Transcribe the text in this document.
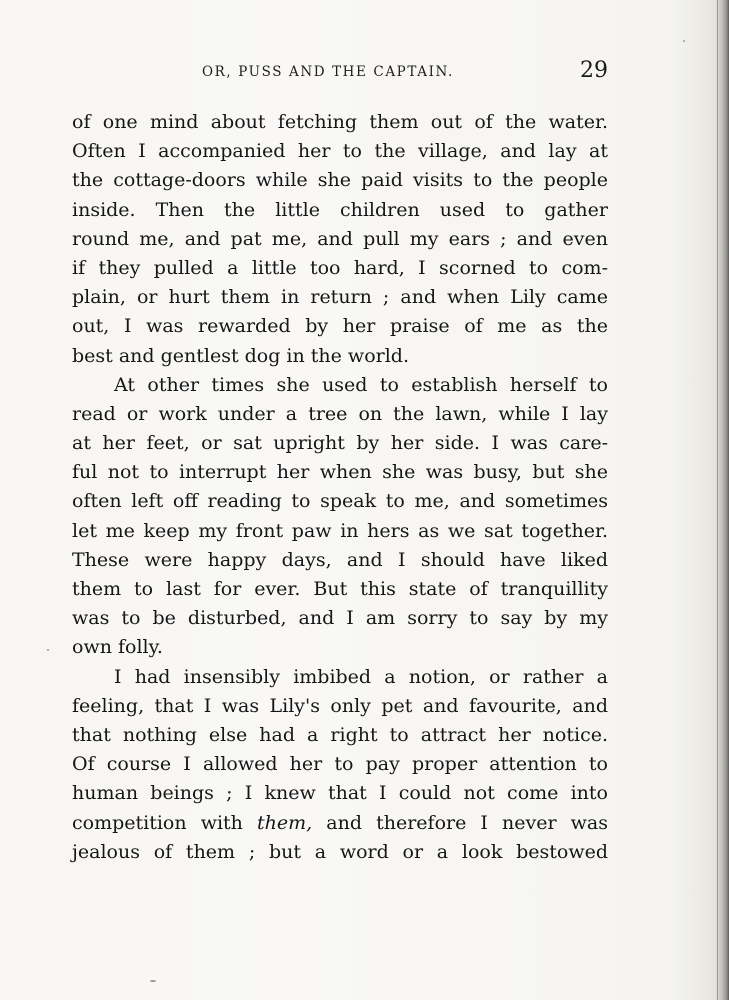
OR, PUSS AND THE CAPTAIN.	29
of one mind about fetching them out of the water.
Often I accompanied her to the village, and lay at
the cottage-doors while she paid visits to the people
inside. Then the little children used to gather
round me, and pat me, and pull my ears ; and even
if they pulled a little too hard, I scorned to com-
plain, or hurt them in return ; and when Lily came
out, I was rewarded by her praise of me as the
best and gentlest dog in the world.
At other times she used to establish herself to
read or work under a tree on the lawn, while I lay
at her feet, or sat upright by her side. I was care-
ful not to interrupt her when she was busy, but she
often left off reading to speak to me, and sometimes
let me keep my front paw in hers as we sat together.
These were happy days, and I should have liked
them to last for ever. But this state of tranquillity
was to be disturbed, and I am sorry to say by my
own folly.
I had insensibly imbibed a notion, or rather a
feeling, that I was Lily's only pet and favourite, and
that nothing else had a right to attract her notice.
Of course I allowed her to pay proper attention to
human beings ; I knew that I could not come into
competition with them, and therefore I never was
jealous of them ; but a word or a look bestowed
